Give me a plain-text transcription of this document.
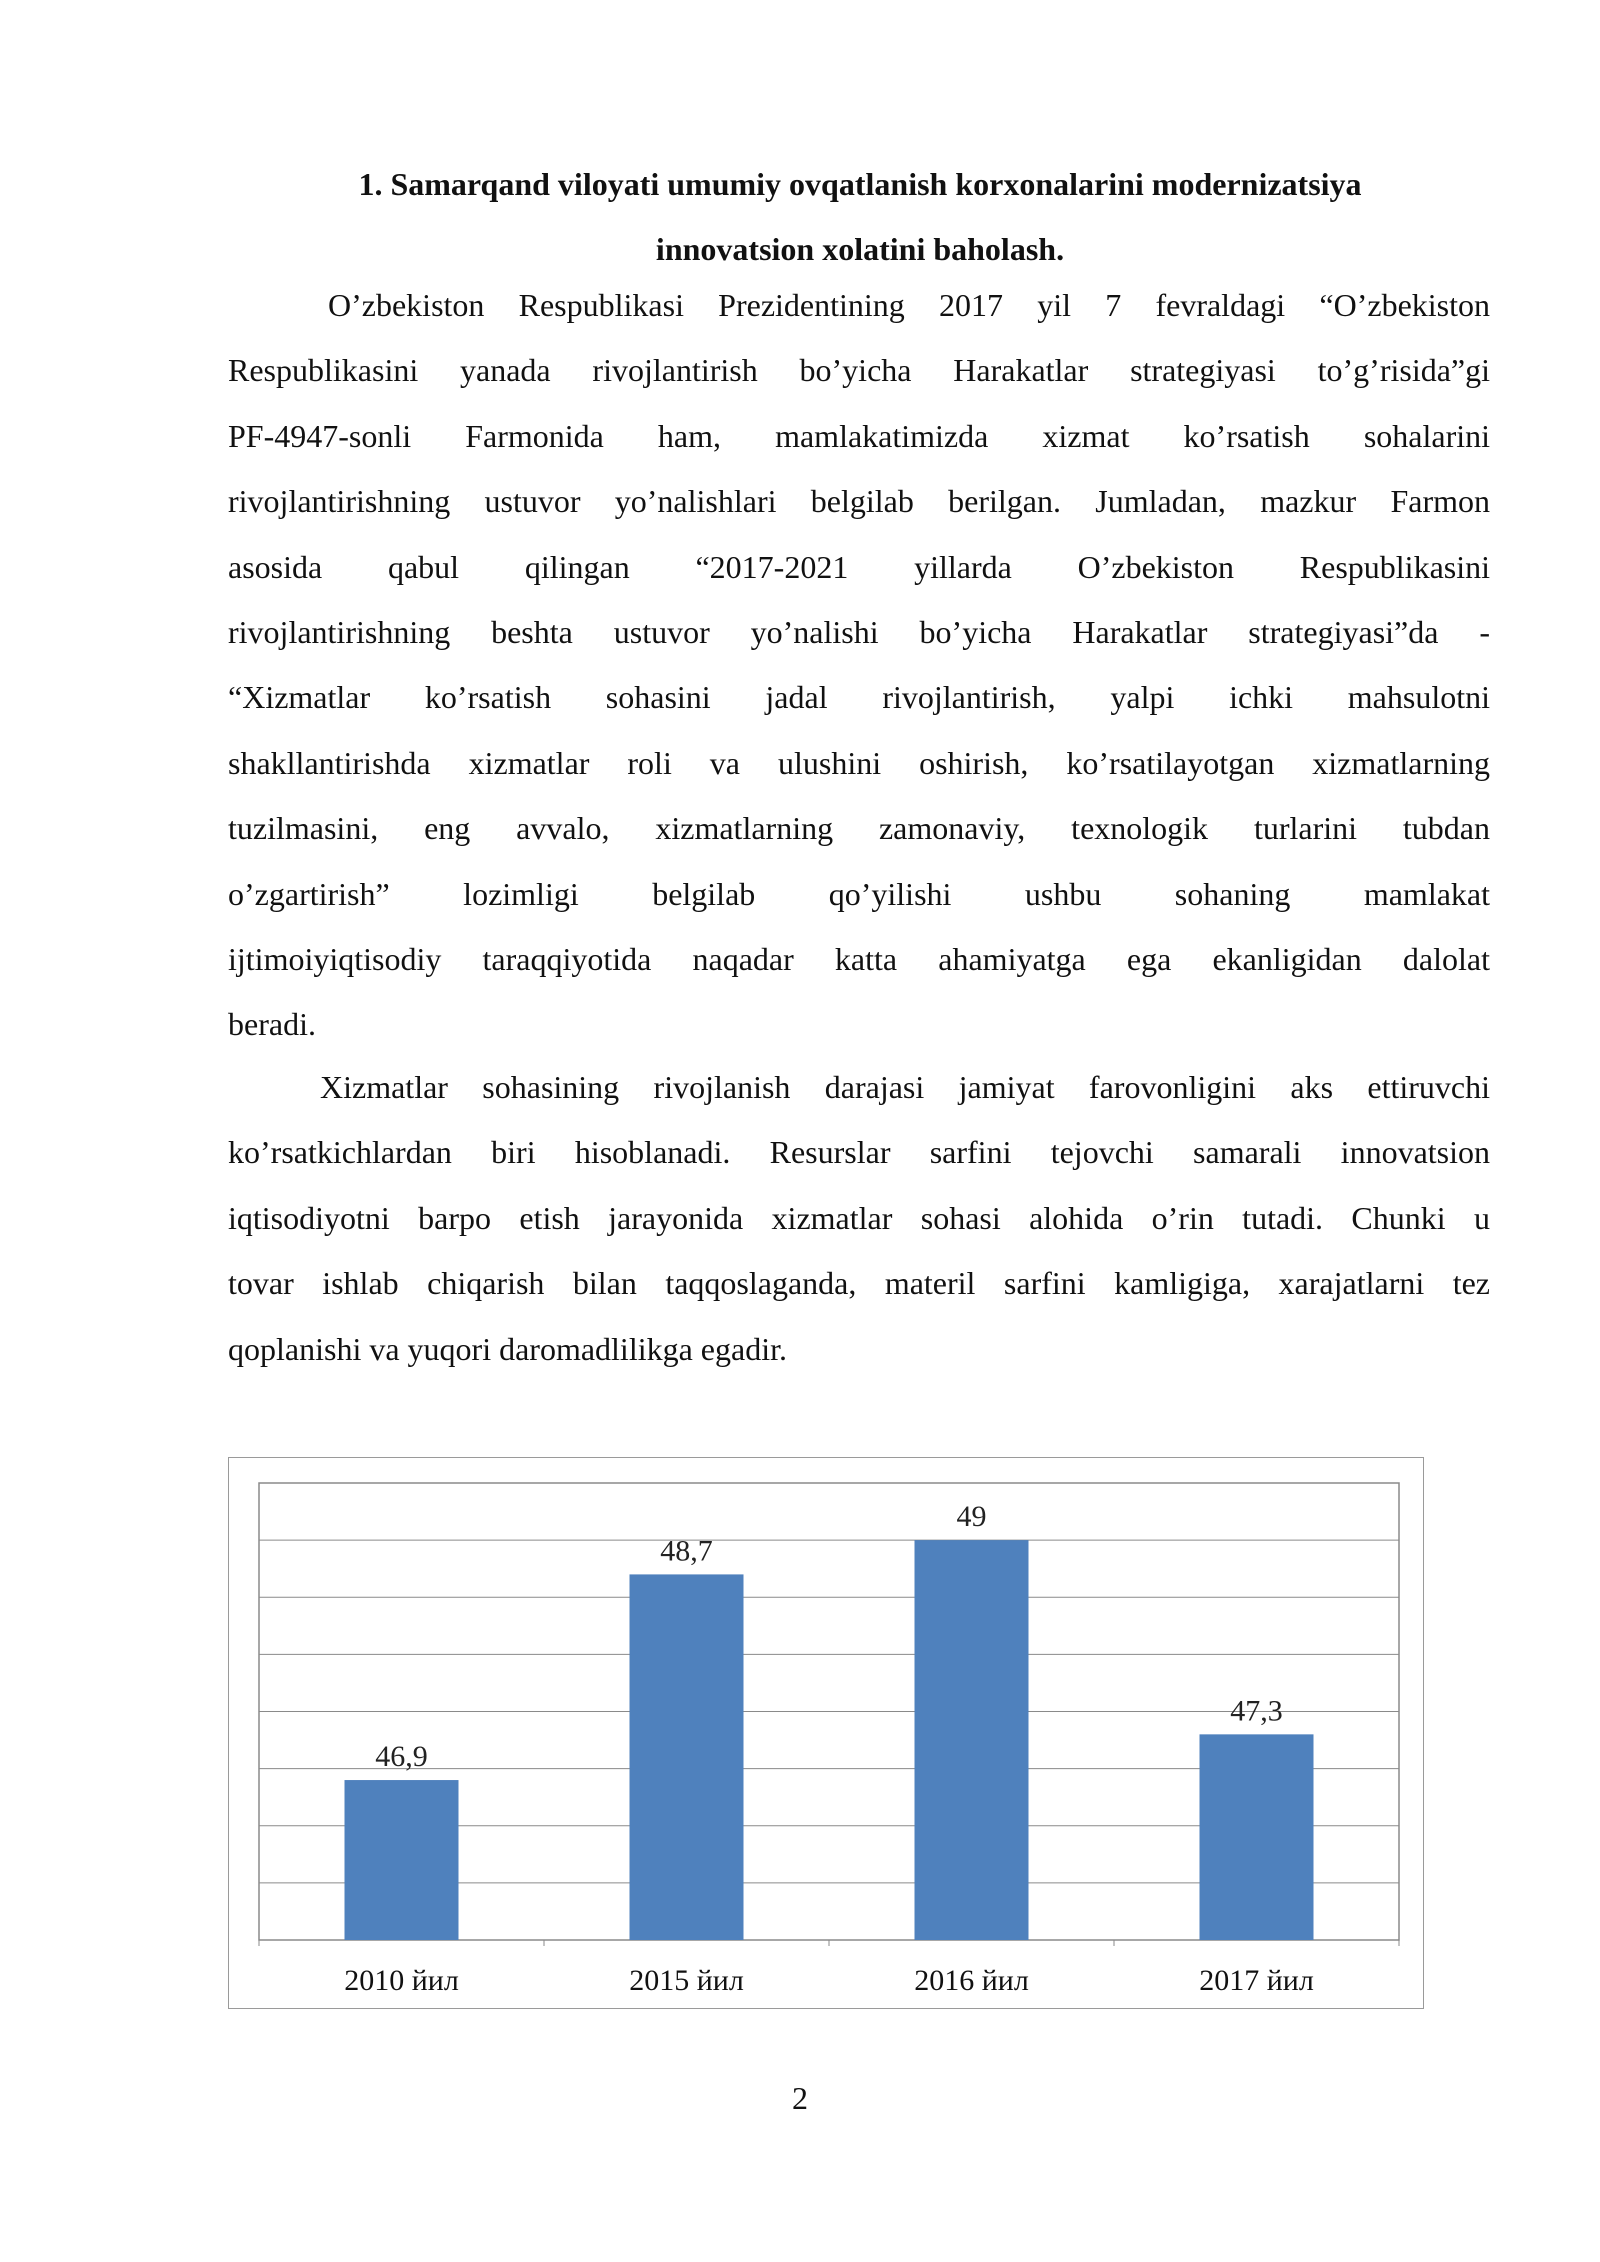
1. Samarqand viloyati umumiy ovqatlanish korxonalarini modernizatsiya
innovatsion xolatini baholash.

O’zbekiston Respublikasi Prezidentining 2017 yil 7 fevraldagi “O’zbekiston
Respublikasini yanada rivojlantirish bo’yicha Harakatlar strategiyasi to’g’risida”gi
PF-4947-sonli Farmonida ham, mamlakatimizda xizmat ko’rsatish sohalarini
rivojlantirishning ustuvor yo’nalishlari belgilab berilgan. Jumladan, mazkur Farmon
asosida qabul qilingan “2017-2021 yillarda O’zbekiston Respublikasini
rivojlantirishning beshta ustuvor yo’nalishi bo’yicha Harakatlar strategiyasi”da -
“Xizmatlar ko’rsatish sohasini jadal rivojlantirish, yalpi ichki mahsulotni
shakllantirishda xizmatlar roli va ulushini oshirish, ko’rsatilayotgan xizmatlarning
tuzilmasini, eng avvalo, xizmatlarning zamonaviy, texnologik turlarini tubdan
o’zgartirish” lozimligi belgilab qo’yilishi ushbu sohaning mamlakat
ijtimoiyiqtisodiy taraqqiyotida naqadar katta ahamiyatga ega ekanligidan dalolat
beradi.

Xizmatlar sohasining rivojlanish darajasi jamiyat farovonligini aks ettiruvchi
ko’rsatkichlardan biri hisoblanadi. Resurslar sarfini tejovchi samarali innovatsion
iqtisodiyotni barpo etish jarayonida xizmatlar sohasi alohida o’rin tutadi. Chunki u
tovar ishlab chiqarish bilan taqqoslaganda, materil sarfini kamligiga, xarajatlarni tez
qoplanishi va yuqori daromadlilikga egadir.

46,9
2010 йил
48,7
2015 йил
49
2016 йил
47,3
2017 йил

2
